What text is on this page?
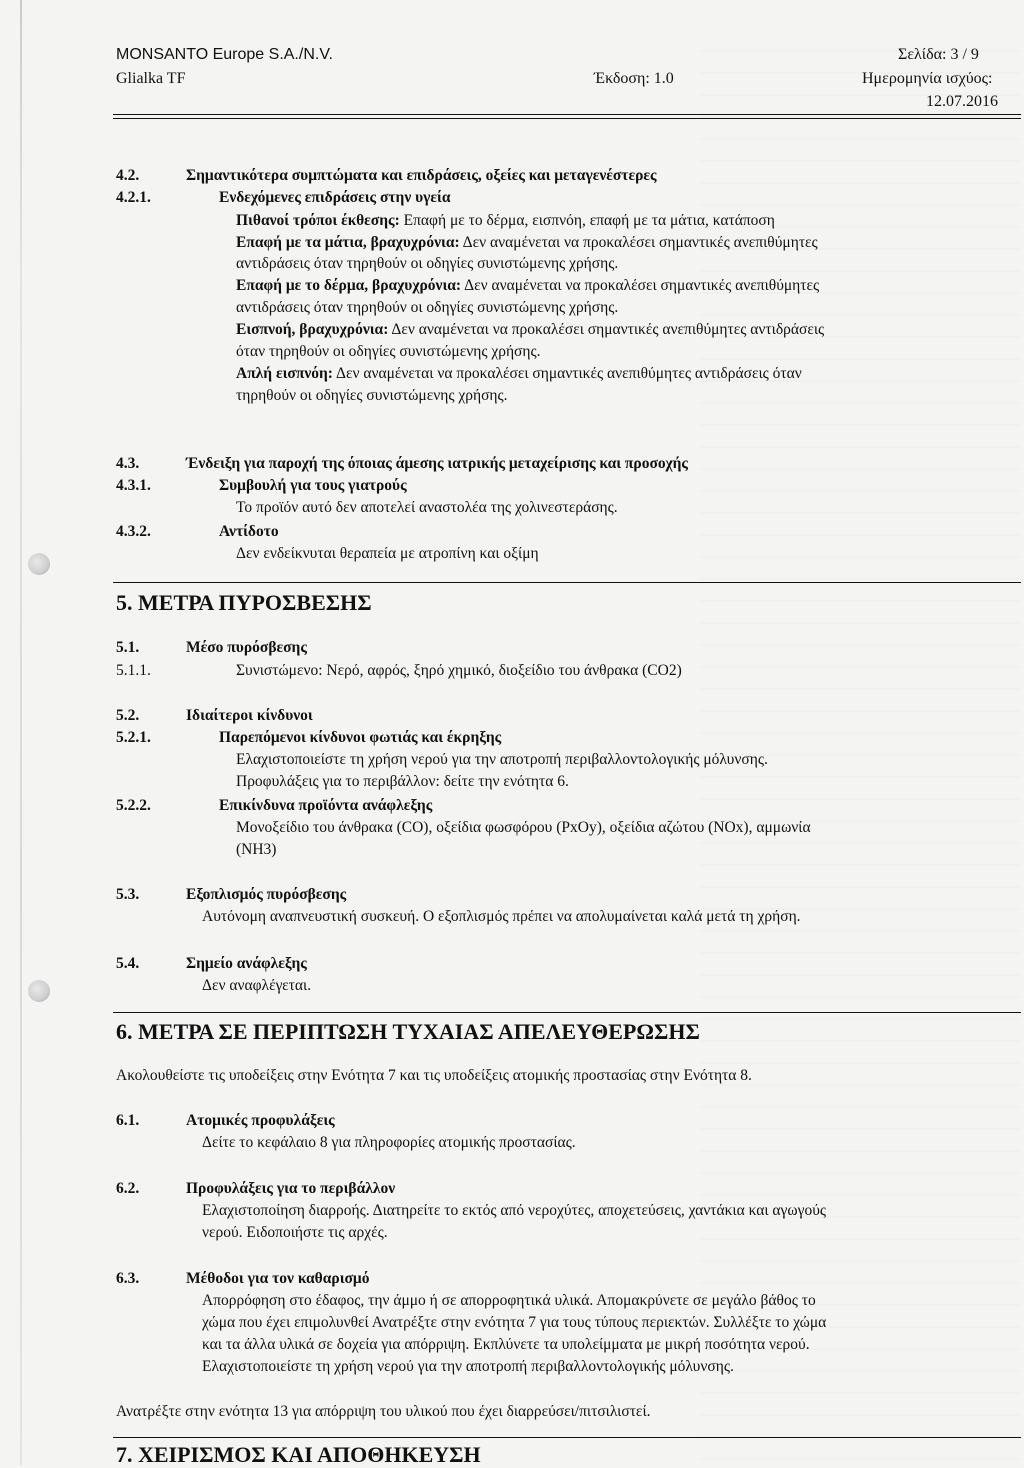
MONSANTO Europe S.A./N.V.
Glialka TF	Έκδοση: 1.0
Σελίδα: 3 / 9
Ημερομηνία ισχύος:
12.07.2016
4.2.	Σημαντικότερα συμπτώματα και επιδράσεις, οξείες και μεταγενέστερες
4.2.1.	Ενδεχόμενες επιδράσεις στην υγεία
Πιθανοί τρόποι έκθεσης: Επαφή με το δέρμα, εισπνόη, επαφή με τα μάτια, κατάποση
Επαφή με τα μάτια, βραχυχρόνια: Δεν αναμένεται να προκαλέσει σημαντικές ανεπιθύμητες
αντιδράσεις όταν τηρηθούν οι οδηγίες συνιστώμενης χρήσης.
Επαφή με το δέρμα, βραχυχρόνια: Δεν αναμένεται να προκαλέσει σημαντικές ανεπιθύμητες
αντιδράσεις όταν τηρηθούν οι οδηγίες συνιστώμενης χρήσης.
Εισπνοή, βραχυχρόνια: Δεν αναμένεται να προκαλέσει σημαντικές ανεπιθύμητες αντιδράσεις
όταν τηρηθούν οι οδηγίες συνιστώμενης χρήσης.
Απλή εισπνόη: Δεν αναμένεται να προκαλέσει σημαντικές ανεπιθύμητες αντιδράσεις όταν
τηρηθούν οι οδηγίες συνιστώμενης χρήσης.
4.3.	Ένδειξη για παροχή της όποιας άμεσης ιατρικής μεταχείρισης και προσοχής
4.3.1.	Συμβουλή για τους γιατρούς
Το προϊόν αυτό δεν αποτελεί αναστολέα της χολινεστεράσης.
4.3.2.	Αντίδοτο
Δεν ενδείκνυται θεραπεία με ατροπίνη και οξίμη
5. ΜΕΤΡΑ ΠΥΡΟΣΒΕΣΗΣ
5.1.	Μέσο πυρόσβεσης
5.1.1.	Συνιστώμενο: Νερό, αφρός, ξηρό χημικό, διοξείδιο του άνθρακα (CO2)
5.2.	Ιδιαίτεροι κίνδυνοι
5.2.1.	Παρεπόμενοι κίνδυνοι φωτιάς και έκρηξης
Ελαχιστοποιείστε τη χρήση νερού για την αποτροπή περιβαλλοντολογικής μόλυνσης.
Προφυλάξεις για το περιβάλλον: δείτε την ενότητα 6.
5.2.2.	Επικίνδυνα προϊόντα ανάφλεξης
Μονοξείδιο του άνθρακα (CO), οξείδια φωσφόρου (PxOy), οξείδια αζώτου (NOx), αμμωνία
(NH3)
5.3.	Εξοπλισμός πυρόσβεσης
Αυτόνομη αναπνευστική συσκευή. Ο εξοπλισμός πρέπει να απολυμαίνεται καλά μετά τη χρήση.
5.4.	Σημείο ανάφλεξης
Δεν αναφλέγεται.
6. ΜΕΤΡΑ ΣΕ ΠΕΡΙΠΤΩΣΗ ΤΥΧΑΙΑΣ ΑΠΕΛΕΥΘΕΡΩΣΗΣ
Ακολουθείστε τις υποδείξεις στην Ενότητα 7 και τις υποδείξεις ατομικής προστασίας στην Ενότητα 8.
6.1.	Ατομικές προφυλάξεις
Δείτε το κεφάλαιο 8 για πληροφορίες ατομικής προστασίας.
6.2.	Προφυλάξεις για το περιβάλλον
Ελαχιστοποίηση διαρροής. Διατηρείτε το εκτός από νεροχύτες, αποχετεύσεις, χαντάκια και αγωγούς
νερού. Ειδοποιήστε τις αρχές.
6.3.	Μέθοδοι για τον καθαρισμό
Απορρόφηση στο έδαφος, την άμμο ή σε απορροφητικά υλικά. Απομακρύνετε σε μεγάλο βάθος το
χώμα που έχει επιμολυνθεί Ανατρέξτε στην ενότητα 7 για τους τύπους περιεκτών. Συλλέξτε το χώμα
και τα άλλα υλικά σε δοχεία για απόρριψη. Εκπλύνετε τα υπολείμματα με μικρή ποσότητα νερού.
Ελαχιστοποιείστε τη χρήση νερού για την αποτροπή περιβαλλοντολογικής μόλυνσης.
Ανατρέξτε στην ενότητα 13 για απόρριψη του υλικού που έχει διαρρεύσει/πιτσιλιστεί.
7. ΧΕΙΡΙΣΜΟΣ ΚΑΙ ΑΠΟΘΗΚΕΥΣΗ
